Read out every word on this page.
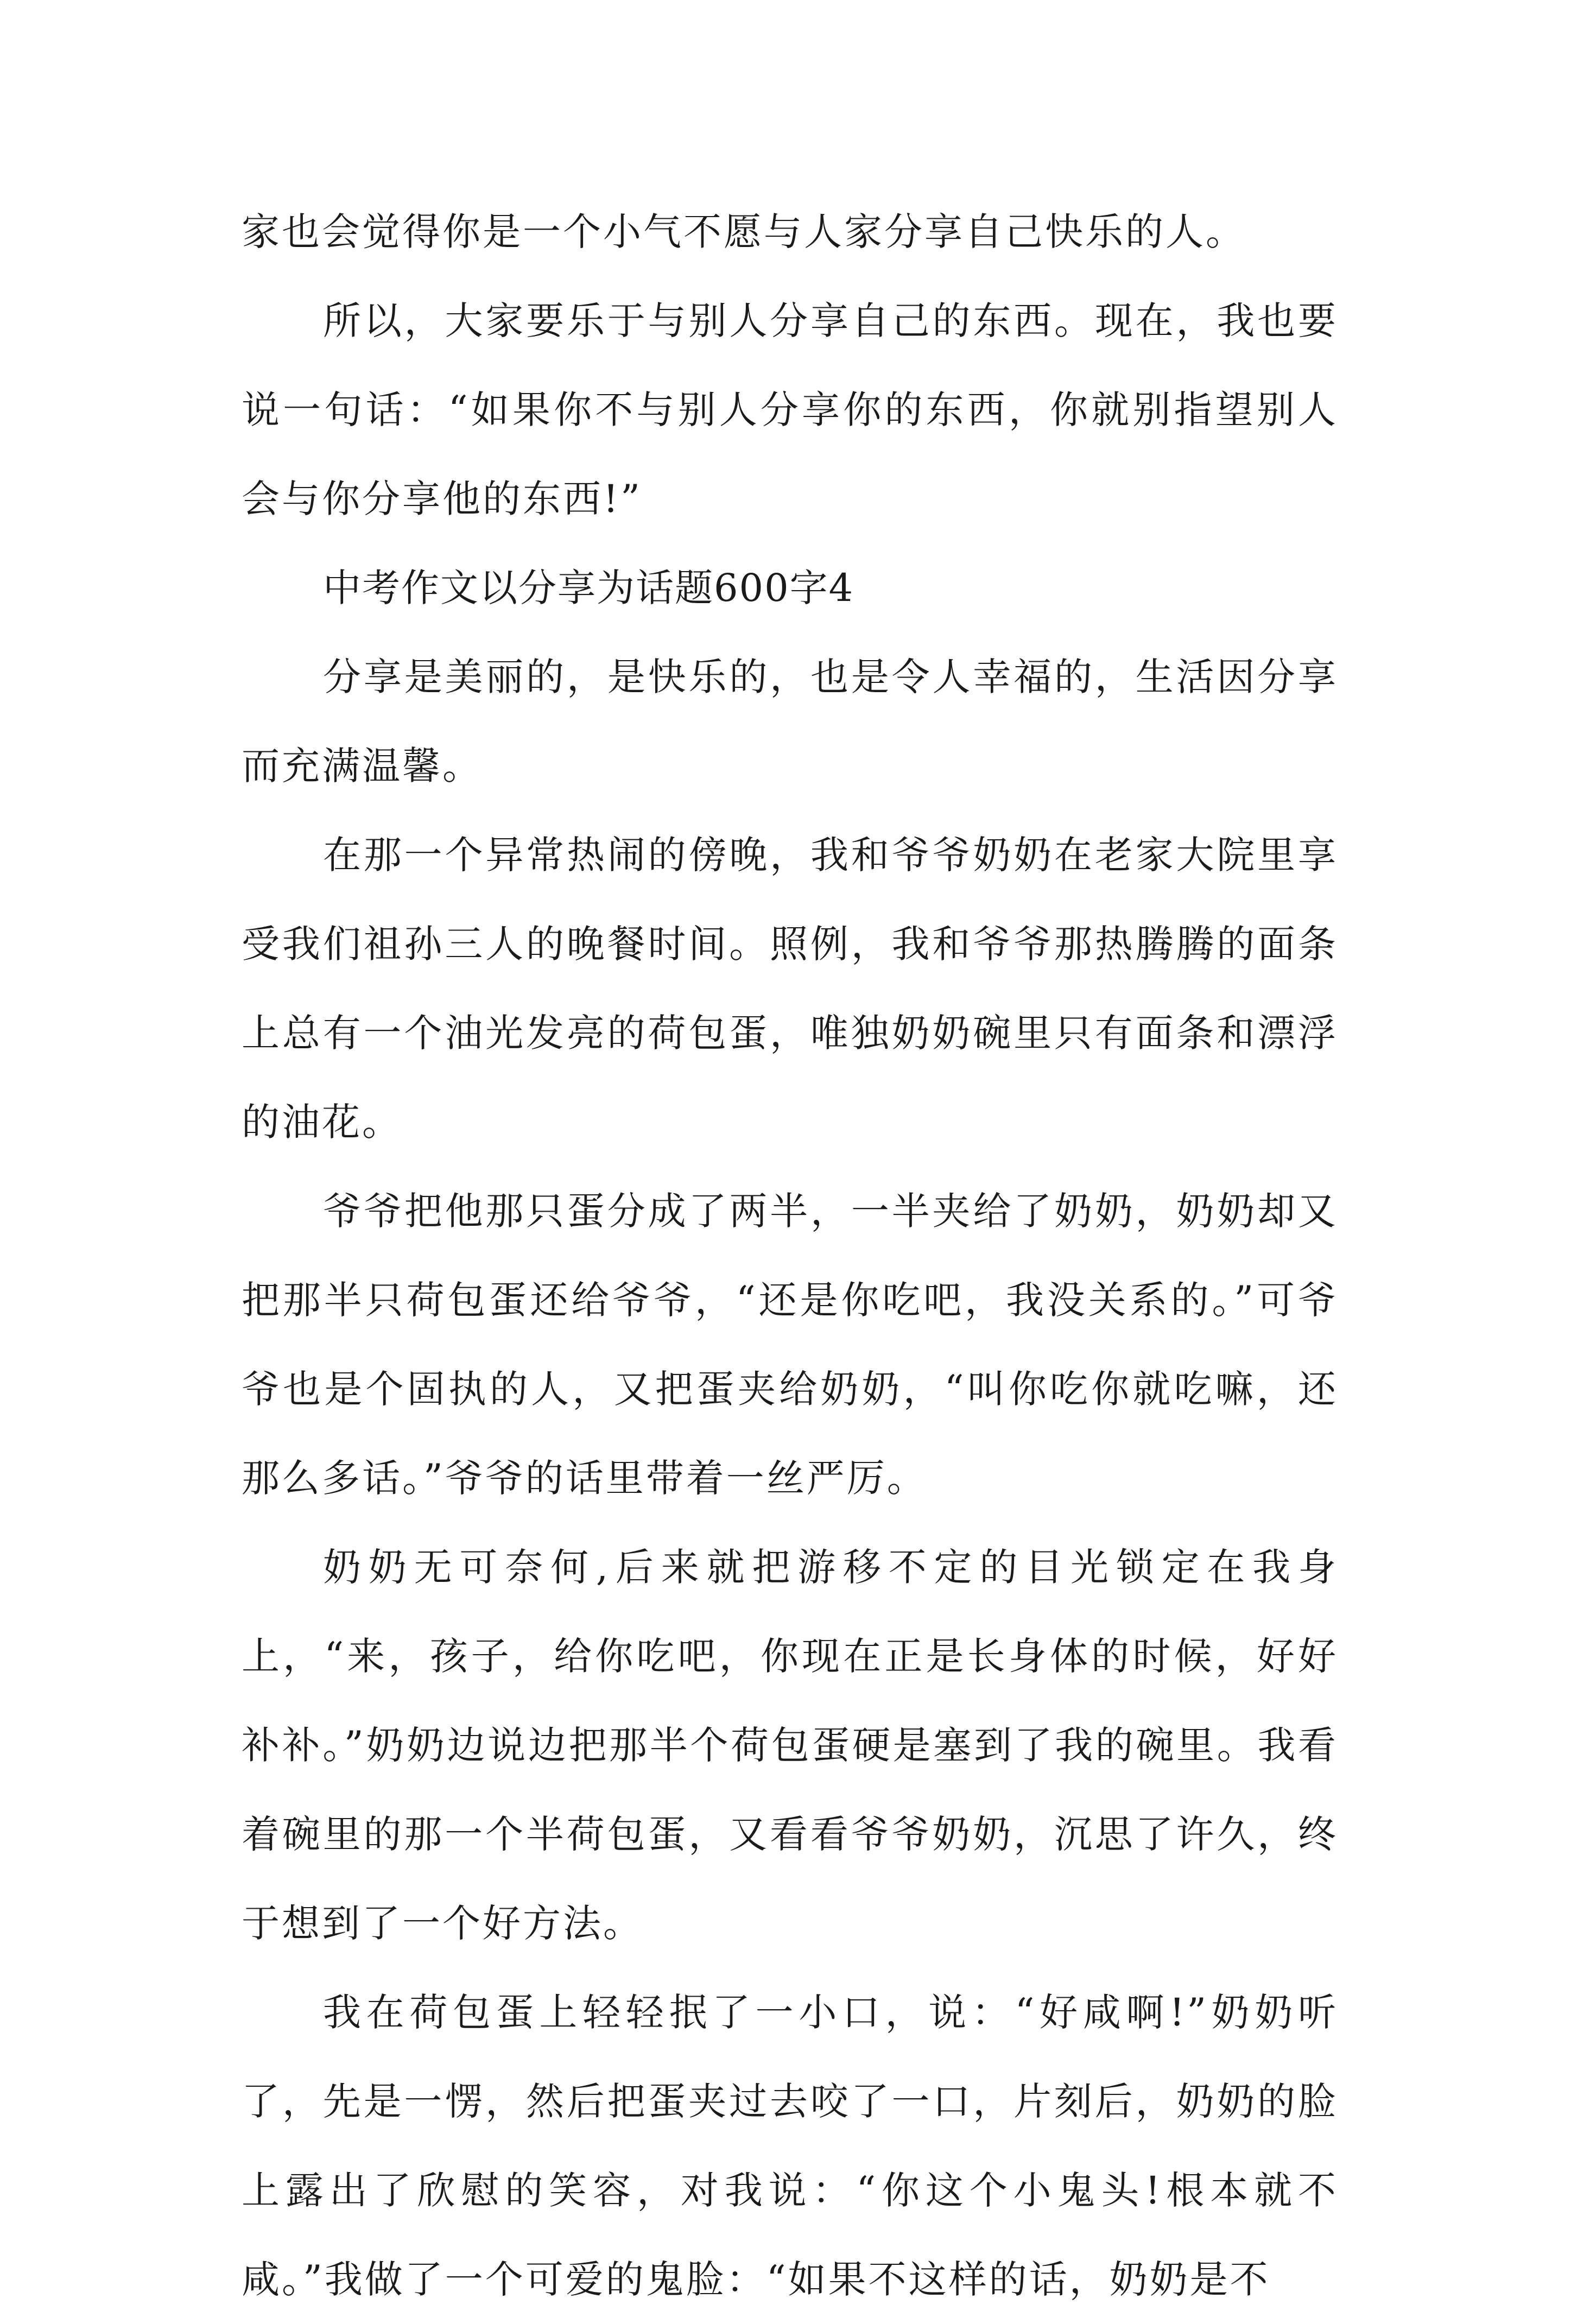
家也会觉得你是一个小气不愿与人家分享自己快乐的人。

所以，大家要乐于与别人分享自己的东西。现在，我也要说一句话：“如果你不与别人分享你的东西，你就别指望别人会与你分享他的东西!”

中考作文以分享为话题600字4

分享是美丽的，是快乐的，也是令人幸福的，生活因分享而充满温馨。

在那一个异常热闹的傍晚，我和爷爷奶奶在老家大院里享受我们祖孙三人的晚餐时间。照例，我和爷爷那热腾腾的面条上总有一个油光发亮的荷包蛋，唯独奶奶碗里只有面条和漂浮的油花。

爷爷把他那只蛋分成了两半，一半夹给了奶奶，奶奶却又把那半只荷包蛋还给爷爷，“还是你吃吧，我没关系的。”可爷爷也是个固执的人，又把蛋夹给奶奶，“叫你吃你就吃嘛，还那么多话。”爷爷的话里带着一丝严厉。

奶奶无可奈何,后来就把游移不定的目光锁定在我身上，“来，孩子，给你吃吧，你现在正是长身体的时候，好好补补。”奶奶边说边把那半个荷包蛋硬是塞到了我的碗里。我看着碗里的那一个半荷包蛋，又看看爷爷奶奶，沉思了许久，终于想到了一个好方法。

我在荷包蛋上轻轻抿了一小口，说：“好咸啊!”奶奶听了，先是一愣，然后把蛋夹过去咬了一口，片刻后，奶奶的脸上露出了欣慰的笑容，对我说：“你这个小鬼头!根本就不咸。”我做了一个可爱的鬼脸：“如果不这样的话，奶奶是不
